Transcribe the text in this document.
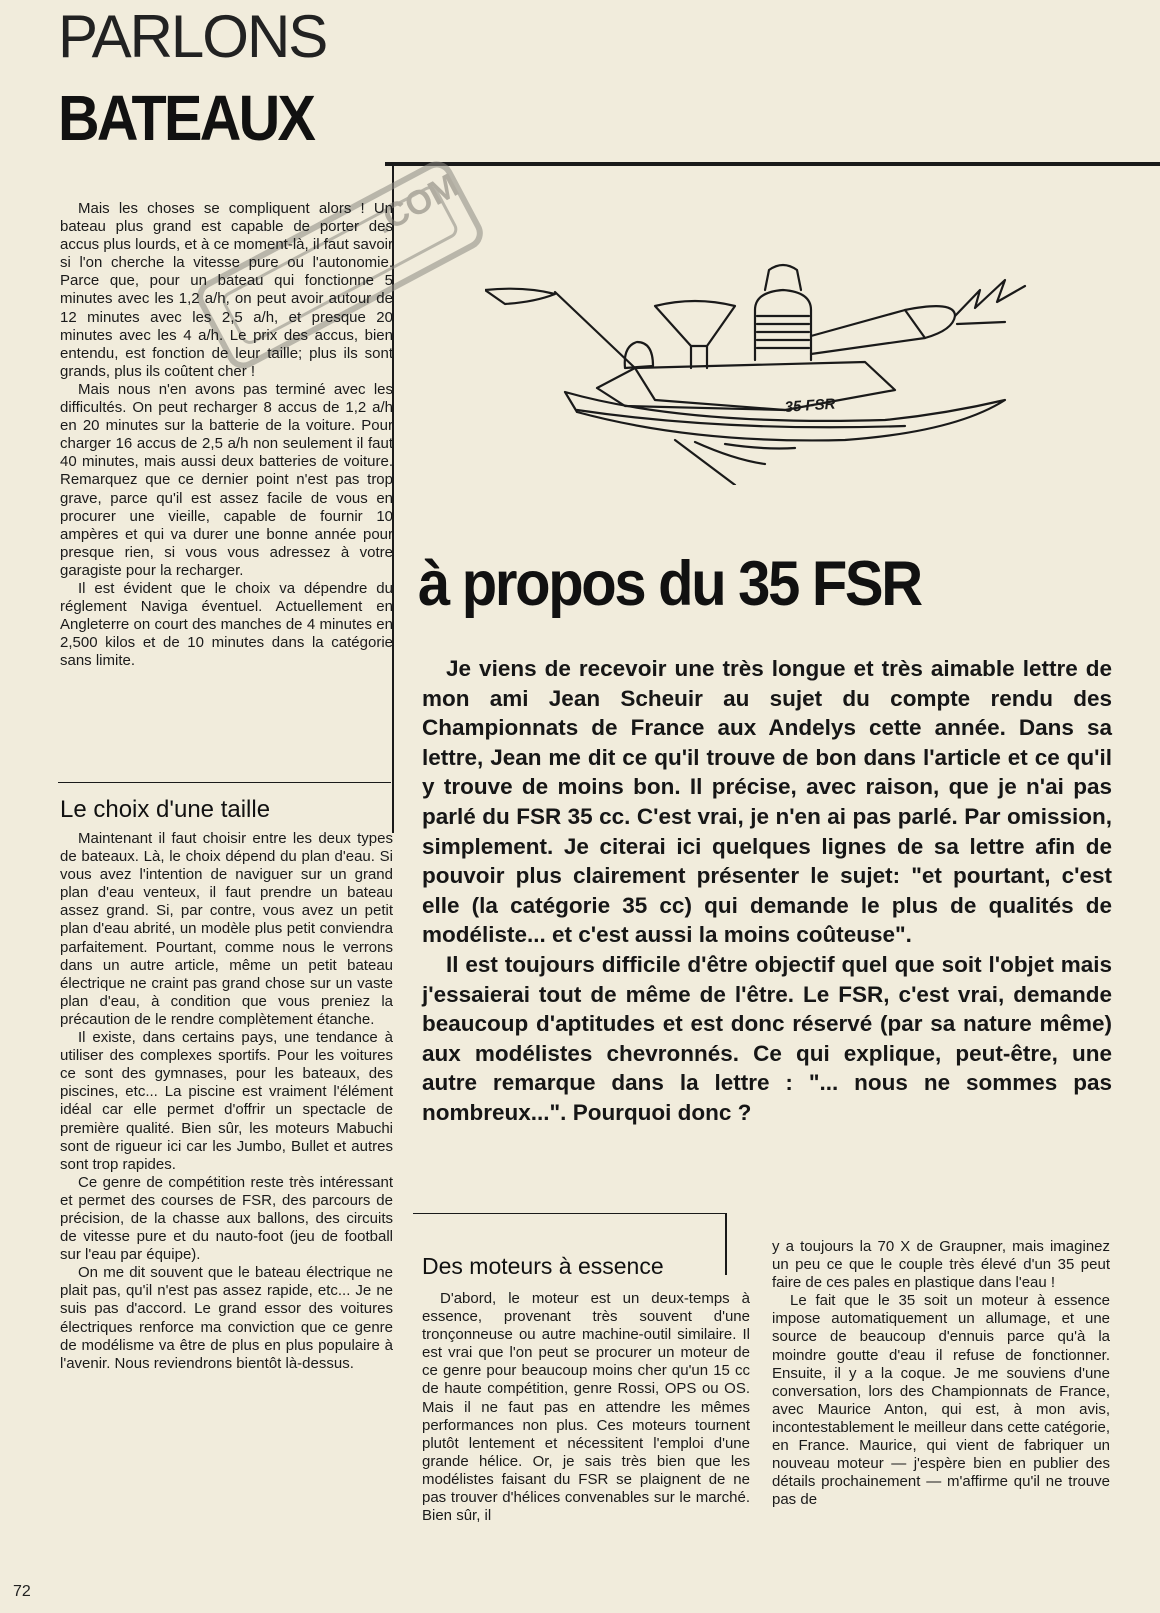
PARLONS
BATEAUX
.COM

Mais les choses se compliquent alors ! Un bateau plus grand est capable de porter des accus plus lourds, et à ce moment-là, il faut savoir si l'on cherche la vitesse pure ou l'autonomie. Parce que, pour un bateau qui fonctionne 5 minutes avec les 1,2 a/h, on peut avoir autour de 12 minutes avec les 2,5 a/h, et presque 20 minutes avec les 4 a/h. Le prix des accus, bien entendu, est fonction de leur taille; plus ils sont grands, plus ils coûtent cher !

Mais nous n'en avons pas terminé avec les difficultés. On peut recharger 8 accus de 1,2 a/h en 20 minutes sur la batterie de la voiture. Pour charger 16 accus de 2,5 a/h non seulement il faut 40 minutes, mais aussi deux batteries de voiture. Remarquez que ce dernier point n'est pas trop grave, parce qu'il est assez facile de vous en procurer une vieille, capable de fournir 10 ampères et qui va durer une bonne année pour presque rien, si vous vous adressez à votre garagiste pour la recharger.

Il est évident que le choix va dépendre du réglement Naviga éventuel. Actuellement en Angleterre on court des manches de 4 minutes en 2,500 kilos et de 10 minutes dans la catégorie sans limite.

Le choix d'une taille

Maintenant il faut choisir entre les deux types de bateaux. Là, le choix dépend du plan d'eau. Si vous avez l'intention de naviguer sur un grand plan d'eau venteux, il faut prendre un bateau assez grand. Si, par contre, vous avez un petit plan d'eau abrité, un modèle plus petit conviendra parfaitement. Pourtant, comme nous le verrons dans un autre article, même un petit bateau électrique ne craint pas grand chose sur un vaste plan d'eau, à condition que vous preniez la précaution de le rendre complètement étanche.

Il existe, dans certains pays, une tendance à utiliser des complexes sportifs. Pour les voitures ce sont des gymnases, pour les bateaux, des piscines, etc... La piscine est vraiment l'élément idéal car elle permet d'offrir un spectacle de première qualité. Bien sûr, les moteurs Mabuchi sont de rigueur ici car les Jumbo, Bullet et autres sont trop rapides.

Ce genre de compétition reste très intéressant et permet des courses de FSR, des parcours de précision, de la chasse aux ballons, des circuits de vitesse pure et du nauto-foot (jeu de football sur l'eau par équipe).

On me dit souvent que le bateau électrique ne plait pas, qu'il n'est pas assez rapide, etc... Je ne suis pas d'accord. Le grand essor des voitures électriques renforce ma conviction que ce genre de modélisme va être de plus en plus populaire à l'avenir. Nous reviendrons bientôt là-dessus.

35 FSR
à propos du 35 FSR

Je viens de recevoir une très longue et très aimable lettre de mon ami Jean Scheuir au sujet du compte rendu des Championnats de France aux Andelys cette année. Dans sa lettre, Jean me dit ce qu'il trouve de bon dans l'article et ce qu'il y trouve de moins bon. Il précise, avec raison, que je n'ai pas parlé du FSR 35 cc. C'est vrai, je n'en ai pas parlé. Par omission, simplement. Je citerai ici quelques lignes de sa lettre afin de pouvoir plus clairement présenter le sujet: "et pourtant, c'est elle (la catégorie 35 cc) qui demande le plus de qualités de modéliste... et c'est aussi la moins coûteuse".

Il est toujours difficile d'être objectif quel que soit l'objet mais j'essaierai tout de même de l'être. Le FSR, c'est vrai, demande beaucoup d'aptitudes et est donc réservé (par sa nature même) aux modélistes chevronnés. Ce qui explique, peut-être, une autre remarque dans la lettre : "... nous ne sommes pas nombreux...". Pourquoi donc ?

Des moteurs à essence

D'abord, le moteur est un deux-temps à essence, provenant très souvent d'une tronçonneuse ou autre machine-outil similaire. Il est vrai que l'on peut se procurer un moteur de ce genre pour beaucoup moins cher qu'un 15 cc de haute compétition, genre Rossi, OPS ou OS. Mais il ne faut pas en attendre les mêmes performances non plus. Ces moteurs tournent plutôt lentement et nécessitent l'emploi d'une grande hélice. Or, je sais très bien que les modélistes faisant du FSR se plaignent de ne pas trouver d'hélices convenables sur le marché. Bien sûr, il

y a toujours la 70 X de Graupner, mais imaginez un peu ce que le couple très élevé d'un 35 peut faire de ces pales en plastique dans l'eau !

Le fait que le 35 soit un moteur à essence impose automatiquement un allumage, et une source de beaucoup d'ennuis parce qu'à la moindre goutte d'eau il refuse de fonctionner. Ensuite, il y a la coque. Je me souviens d'une conversation, lors des Championnats de France, avec Maurice Anton, qui est, à mon avis, incontestablement le meilleur dans cette catégorie, en France. Maurice, qui vient de fabriquer un nouveau moteur — j'espère bien en publier des détails prochainement — m'affirme qu'il ne trouve pas de

72
